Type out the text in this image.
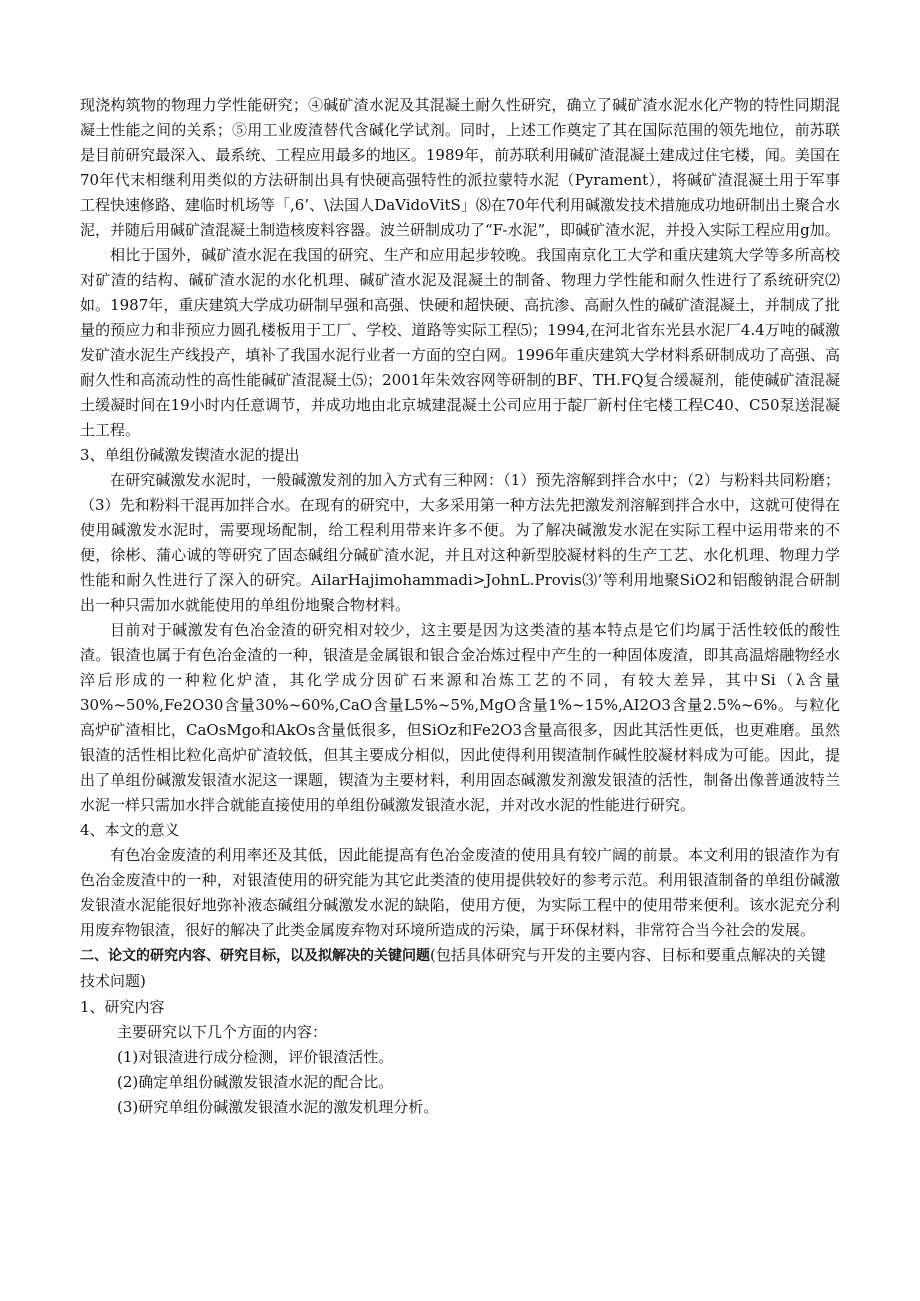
现浇构筑物的物理力学性能研究；④碱矿渣水泥及其混凝土耐久性研究，确立了碱矿渣水泥水化产物的特性同期混凝土性能之间的关系；⑤用工业废渣替代含碱化学试剂。同时，上述工作奠定了其在国际范围的领先地位，前苏联是目前研究最深入、最系统、工程应用最多的地区。1989年，前苏联利用碱矿渣混凝土建成过住宅楼，闻。美国在70年代末相继利用类似的方法研制出具有快硬高强特性的派拉蒙特水泥（Pyrament），将碱矿渣混凝土用于军事工程快速修路、建临时机场等「,6’、\法国人DaVidoVitS」⑻在70年代利用碱激发技术措施成功地研制出土聚合水泥，并随后用碱矿渣混凝土制造核废料容器。波兰研制成功了“F-水泥”，即碱矿渣水泥，并投入实际工程应用g加。

相比于国外，碱矿渣水泥在我国的研究、生产和应用起步较晚。我国南京化工大学和重庆建筑大学等多所高校对矿渣的结构、碱矿渣水泥的水化机理、碱矿渣水泥及混凝土的制备、物理力学性能和耐久性进行了系统研究⑵如。1987年，重庆建筑大学成功研制早强和高强、快硬和超快硬、高抗渗、高耐久性的碱矿渣混凝土，并制成了批量的预应力和非预应力圆孔楼板用于工厂、学校、道路等实际工程⑸；1994,在河北省东光县水泥厂4.4万吨的碱激发矿渣水泥生产线投产，填补了我国水泥行业者一方面的空白网。1996年重庆建筑大学材料系研制成功了高强、高耐久性和高流动性的高性能碱矿渣混凝土⑸；2001年朱效容网等研制的BF、TH.FQ复合缓凝剂，能使碱矿渣混凝土缓凝时间在19小时内任意调节，并成功地由北京城建混凝土公司应用于靛厂新村住宅楼工程C40、C50泵送混凝土工程。

3、单组份碱激发锲渣水泥的提出

在研究碱激发水泥时，一般碱激发剂的加入方式有三种网：（1）预先溶解到拌合水中；（2）与粉料共同粉磨；（3）先和粉料干混再加拌合水。在现有的研究中，大多采用第一种方法先把激发剂溶解到拌合水中，这就可使得在使用碱激发水泥时，需要现场配制，给工程利用带来许多不便。为了解决碱激发水泥在实际工程中运用带来的不便，徐彬、蒲心诚的等研究了固态碱组分碱矿渣水泥，并且对这种新型胶凝材料的生产工艺、水化机理、物理力学性能和耐久性进行了深入的研究。AilarHajimohammadi>JohnL.Provis⑶’等利用地聚SiO2和铝酸钠混合研制出一种只需加水就能使用的单组份地聚合物材料。

目前对于碱激发有色冶金渣的研究相对较少，这主要是因为这类渣的基本特点是它们均属于活性较低的酸性渣。银渣也属于有色冶金渣的一种，银渣是金属银和银合金冶炼过程中产生的一种固体废渣，即其高温熔融物经水淬后形成的一种粒化炉渣，其化学成分因矿石来源和冶炼工艺的不同，有较大差异，其中Si（λ含量30%~50%,Fe2O30含量30%~60%,CaO含量L5%~5%,MgO含量1%~15%,AI2O3含量2.5%~6%。与粒化高炉矿渣相比，CaOsMgo和AkOs含量低很多，但SiOz和Fe2O3含量高很多，因此其活性更低，也更难磨。虽然银渣的活性相比粒化高炉矿渣较低，但其主要成分相似，因此使得利用锲渣制作碱性胶凝材料成为可能。因此，提出了单组份碱激发银渣水泥这一课题，锲渣为主要材料，利用固态碱激发剂激发银渣的活性，制备出像普通波特兰水泥一样只需加水拌合就能直接使用的单组份碱激发银渣水泥，并对改水泥的性能进行研究。

4、本文的意义

有色冶金废渣的利用率还及其低，因此能提高有色冶金废渣的使用具有较广阔的前景。本文利用的银渣作为有色冶金废渣中的一种，对银渣使用的研究能为其它此类渣的使用提供较好的参考示范。利用银渣制备的单组份碱激发银渣水泥能很好地弥补液态碱组分碱激发水泥的缺陷，使用方便，为实际工程中的使用带来便利。该水泥充分利用废弃物银渣，很好的解决了此类金属废弃物对环境所造成的污染，属于环保材料，非常符合当今社会的发展。

二、论文的研究内容、研究目标，以及拟解决的关键问题(包括具体研究与开发的主要内容、目标和要重点解决的关键技术问题)

1、研究内容

主要研究以下几个方面的内容：

(1)对银渣进行成分检测，评价银渣活性。

(2)确定单组份碱激发银渣水泥的配合比。

(3)研究单组份碱激发银渣水泥的激发机理分析。
